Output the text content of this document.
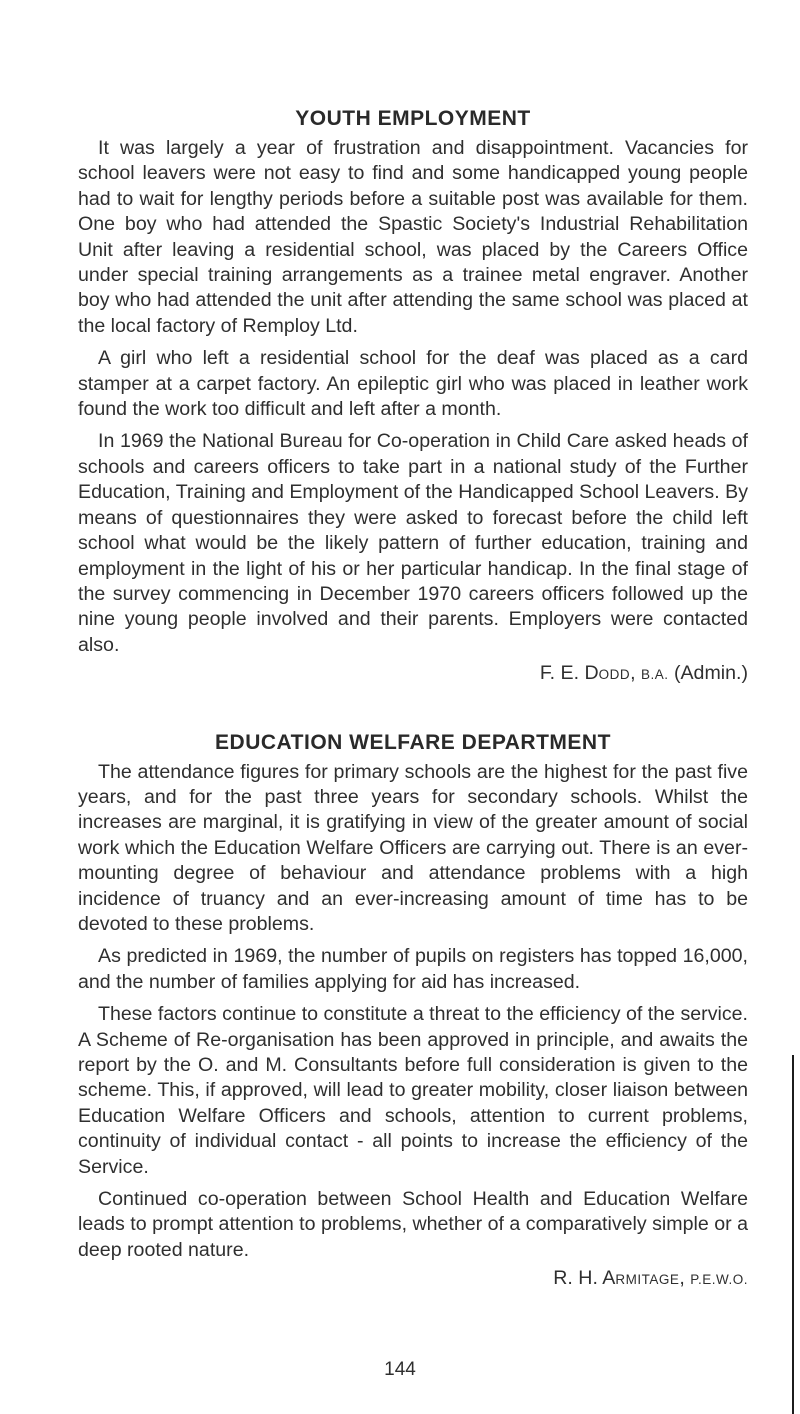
YOUTH EMPLOYMENT

It was largely a year of frustration and disappointment. Vacancies for school leavers were not easy to find and some handicapped young people had to wait for lengthy periods before a suitable post was available for them. One boy who had attended the Spastic Society's Industrial Rehabilitation Unit after leaving a residential school, was placed by the Careers Office under special training arrangements as a trainee metal engraver. Another boy who had attended the unit after attending the same school was placed at the local factory of Remploy Ltd.

A girl who left a residential school for the deaf was placed as a card stamper at a carpet factory. An epileptic girl who was placed in leather work found the work too difficult and left after a month.

In 1969 the National Bureau for Co-operation in Child Care asked heads of schools and careers officers to take part in a national study of the Further Education, Training and Employment of the Handicapped School Leavers. By means of questionnaires they were asked to forecast before the child left school what would be the likely pattern of further education, training and employment in the light of his or her particular handicap. In the final stage of the survey commencing in December 1970 careers officers followed up the nine young people involved and their parents. Employers were contacted also.

F. E. DODD, B.A. (Admin.)

EDUCATION WELFARE DEPARTMENT

The attendance figures for primary schools are the highest for the past five years, and for the past three years for secondary schools. Whilst the increases are marginal, it is gratifying in view of the greater amount of social work which the Education Welfare Officers are carrying out. There is an ever-mounting degree of behaviour and attendance problems with a high incidence of truancy and an ever-increasing amount of time has to be devoted to these problems.

As predicted in 1969, the number of pupils on registers has topped 16,000, and the number of families applying for aid has increased.

These factors continue to constitute a threat to the efficiency of the service. A Scheme of Re-organisation has been approved in principle, and awaits the report by the O. and M. Consultants before full consideration is given to the scheme. This, if approved, will lead to greater mobility, closer liaison between Education Welfare Officers and schools, attention to current problems, continuity of individual contact - all points to increase the efficiency of the Service.

Continued co-operation between School Health and Education Welfare leads to prompt attention to problems, whether of a comparatively simple or a deep rooted nature.

R. H. ARMITAGE, P.E.W.O.

144
